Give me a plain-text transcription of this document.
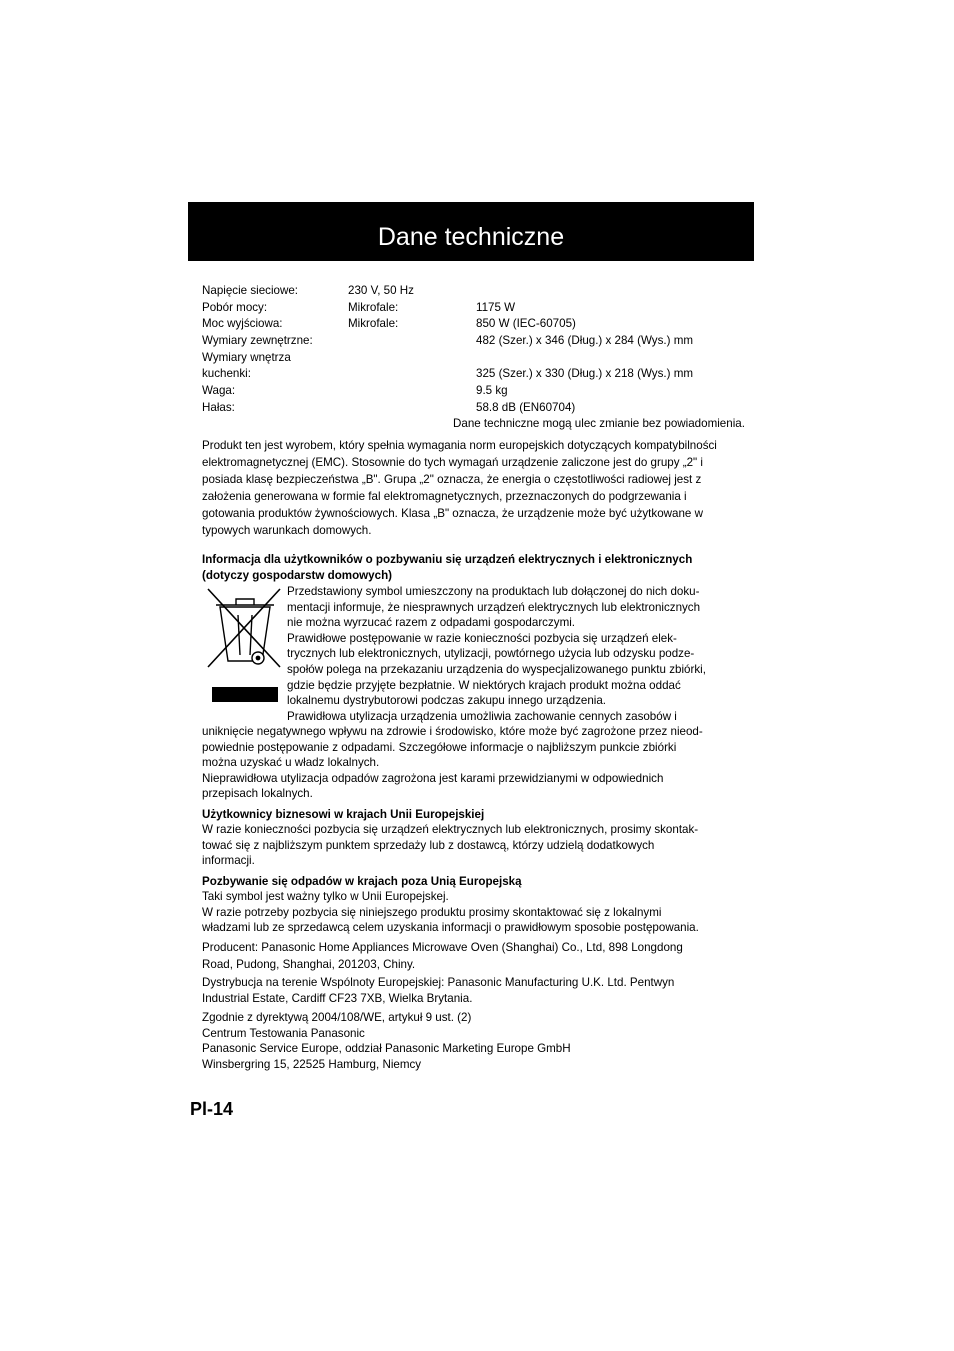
Dane techniczne
Napięcie sieciowe:	230 V, 50 Hz
Pobór mocy:	Mikrofale:	1175 W
Moc wyjściowa:	Mikrofale:	850 W (IEC-60705)
Wymiary zewnętrzne:	482 (Szer.) x 346 (Dług.) x 284 (Wys.) mm
Wymiary wnętrza
kuchenki:	325 (Szer.) x 330 (Dług.) x 218 (Wys.) mm
Waga:	9.5 kg
Hałas:	58.8 dB (EN60704)
Dane techniczne mogą ulec zmianie bez powiadomienia.
Produkt ten jest wyrobem, który spełnia wymagania norm europejskich dotyczących kompatybilności
elektromagnetycznej (EMC). Stosownie do tych wymagań urządzenie zaliczone jest do grupy „2" i
posiada klasę bezpieczeństwa „B". Grupa „2" oznacza, że energia o częstotliwości radiowej jest z
założenia generowana w formie fal elektromagnetycznych, przeznaczonych do podgrzewania i
gotowania produktów żywnościowych. Klasa „B" oznacza, że urządzenie może być użytkowane w
typowych warunkach domowych.
Informacja dla użytkowników o pozbywaniu się urządzeń elektrycznych i elektronicznych
(dotyczy gospodarstw domowych)
Przedstawiony symbol umieszczony na produktach lub dołączonej do nich doku-
mentacji informuje, że niesprawnych urządzeń elektrycznych lub elektronicznych
nie można wyrzucać razem z odpadami gospodarczymi.
Prawidłowe postępowanie w razie konieczności pozbycia się urządzeń elek-
trycznych lub elektronicznych, utylizacji, powtórnego użycia lub odzysku podze-
społów polega na przekazaniu urządzenia do wyspecjalizowanego punktu zbiórki,
gdzie będzie przyjęte bezpłatnie. W niektórych krajach produkt można oddać
lokalnemu dystrybutorowi podczas zakupu innego urządzenia.
Prawidłowa utylizacja urządzenia umożliwia zachowanie cennych zasobów i
uniknięcie negatywnego wpływu na zdrowie i środowisko, które może być zagrożone przez nieod-
powiednie postępowanie z odpadami. Szczegółowe informacje o najbliższym punkcie zbiórki
można uzyskać u władz lokalnych.
Nieprawidłowa utylizacja odpadów zagrożona jest karami przewidzianymi w odpowiednich
przepisach lokalnych.
Użytkownicy biznesowi w krajach Unii Europejskiej
W razie konieczności pozbycia się urządzeń elektrycznych lub elektronicznych, prosimy skontak-
tować się z najbliższym punktem sprzedaży lub z dostawcą, którzy udzielą dodatkowych
informacji.
Pozbywanie się odpadów w krajach poza Unią Europejską
Taki symbol jest ważny tylko w Unii Europejskej.
W razie potrzeby pozbycia się niniejszego produktu prosimy skontaktować się z lokalnymi
władzami lub ze sprzedawcą celem uzyskania informacji o prawidłowym sposobie postępowania.
Producent: Panasonic Home Appliances Microwave Oven (Shanghai) Co., Ltd, 898 Longdong
Road, Pudong, Shanghai, 201203, Chiny.
Dystrybucja na terenie Wspólnoty Europejskiej: Panasonic Manufacturing U.K. Ltd. Pentwyn
Industrial Estate, Cardiff CF23 7XB, Wielka Brytania.
Zgodnie z dyrektywą 2004/108/WE, artykuł 9 ust. (2)
Centrum Testowania Panasonic
Panasonic Service Europe, oddział Panasonic Marketing Europe GmbH
Winsbergring 15, 22525 Hamburg, Niemcy
Pl-14
